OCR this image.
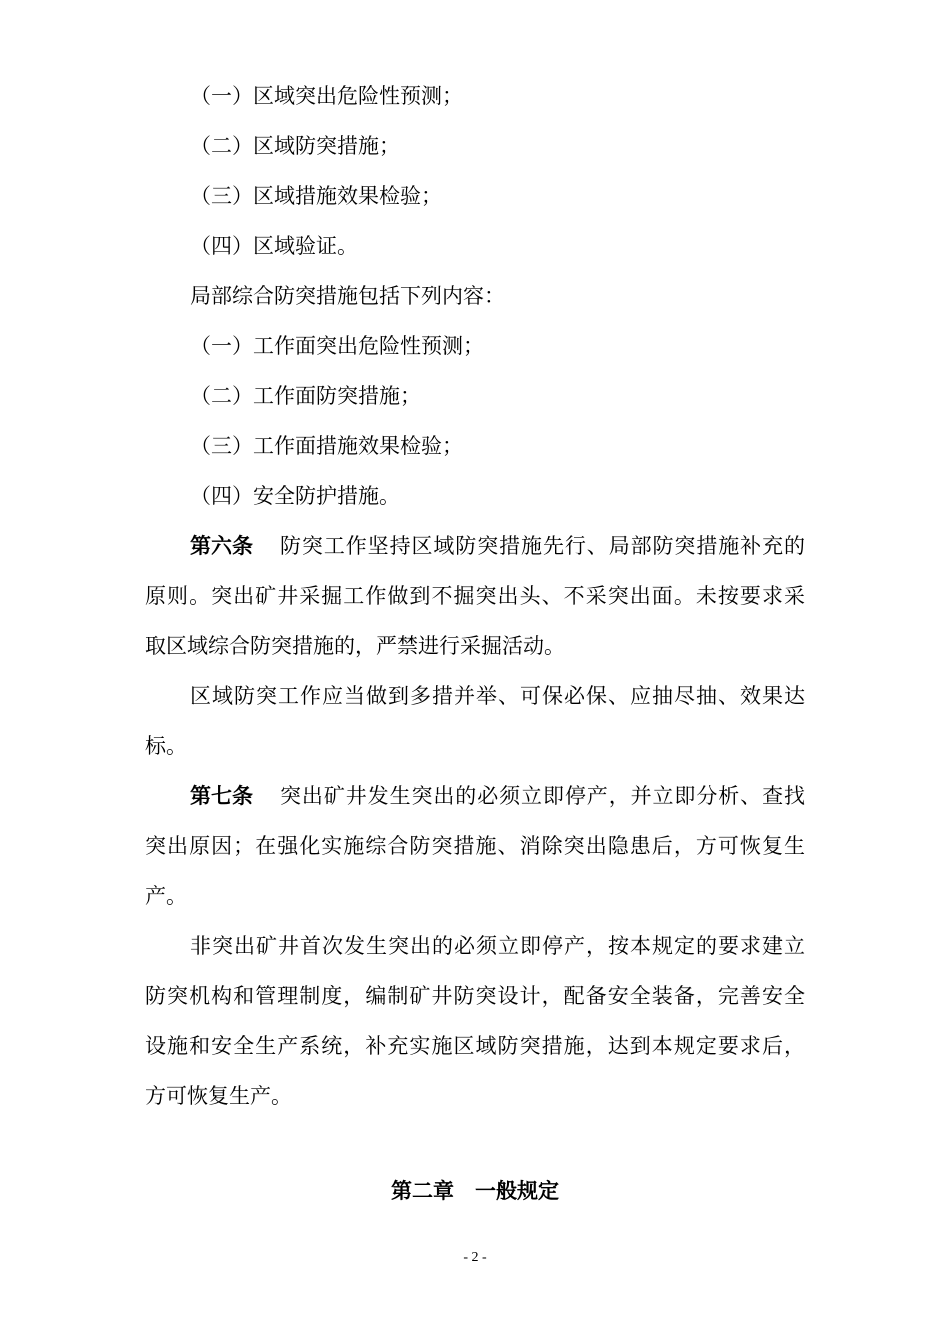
（一）区域突出危险性预测；
（二）区域防突措施；
（三）区域措施效果检验；
（四）区域验证。
局部综合防突措施包括下列内容：
（一）工作面突出危险性预测；
（二）工作面防突措施；
（三）工作面措施效果检验；
（四）安全防护措施。
第六条 防突工作坚持区域防突措施先行、局部防突措施补充的
原则。突出矿井采掘工作做到不掘突出头、不采突出面。未按要求采
取区域综合防突措施的，严禁进行采掘活动。
区域防突工作应当做到多措并举、可保必保、应抽尽抽、效果达
标。
第七条 突出矿井发生突出的必须立即停产，并立即分析、查找
突出原因；在强化实施综合防突措施、消除突出隐患后，方可恢复生
产。
非突出矿井首次发生突出的必须立即停产，按本规定的要求建立
防突机构和管理制度，编制矿井防突设计，配备安全装备，完善安全
设施和安全生产系统，补充实施区域防突措施，达到本规定要求后，
方可恢复生产。
第二章　一般规定
- 2 -
